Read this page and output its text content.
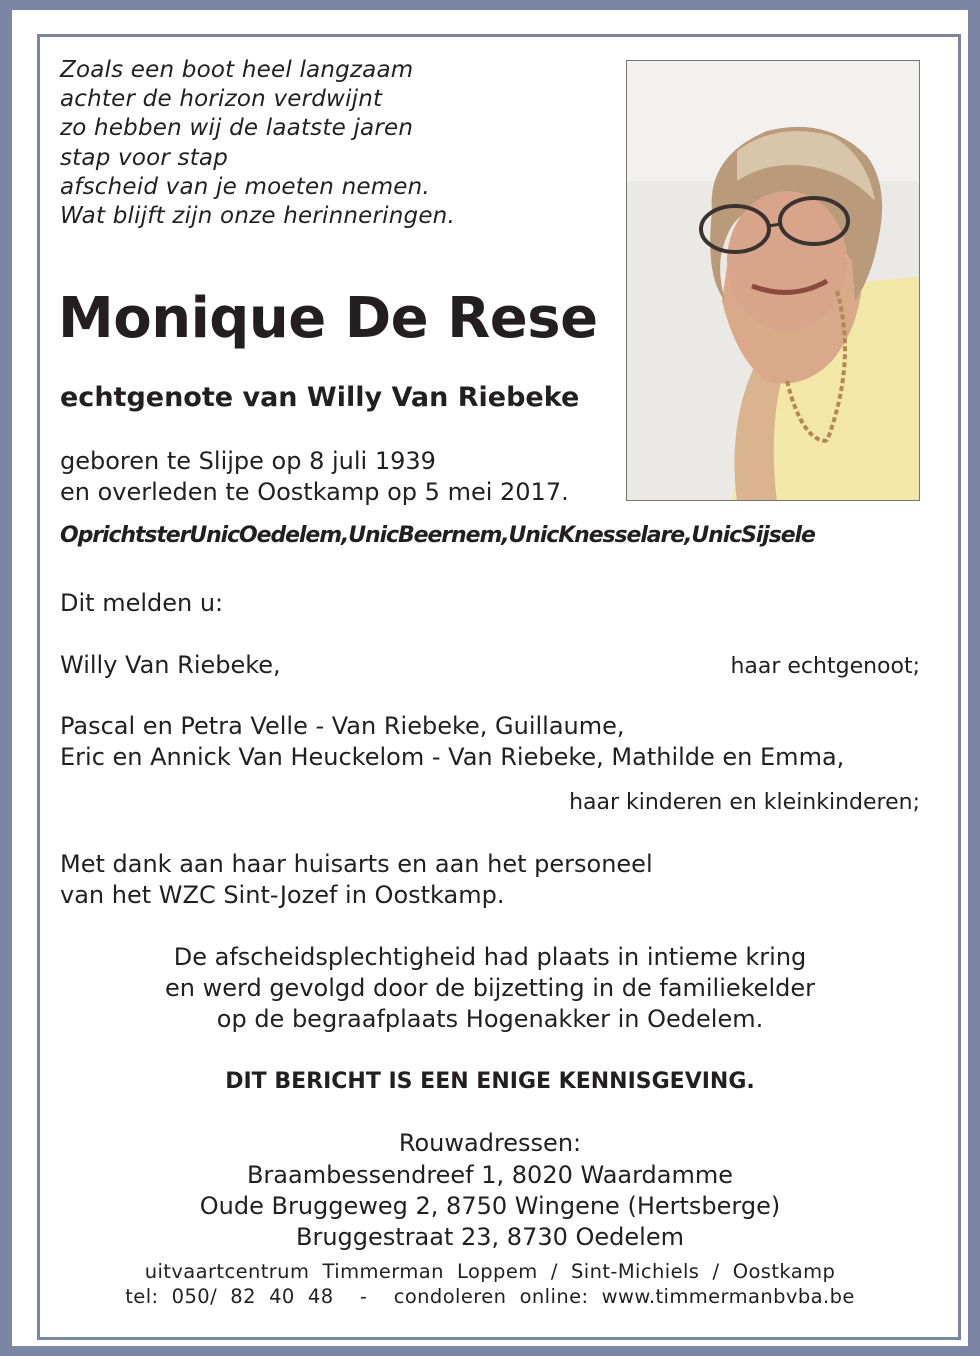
Zoals een boot heel langzaam
achter de horizon verdwijnt
zo hebben wij de laatste jaren
stap voor stap
afscheid van je moeten nemen.
Wat blijft zijn onze herinneringen.
Monique De Rese
echtgenote van Willy Van Riebeke
geboren te Slijpe op 8 juli 1939
en overleden te Oostkamp op 5 mei 2017.
OprichtsterUnicOedelem,UnicBeernem,UnicKnesselare,UnicSijsele
Dit melden u:
Willy Van Riebeke,	haar echtgenoot;
Pascal en Petra Velle - Van Riebeke, Guillaume,
Eric en Annick Van Heuckelom - Van Riebeke, Mathilde en Emma,
haar kinderen en kleinkinderen;
Met dank aan haar huisarts en aan het personeel
van het WZC Sint-Jozef in Oostkamp.
De afscheidsplechtigheid had plaats in intieme kring
en werd gevolgd door de bijzetting in de familiekelder
op de begraafplaats Hogenakker in Oedelem.
DIT BERICHT IS EEN ENIGE KENNISGEVING.
Rouwadressen:
Braambessendreef 1, 8020 Waardamme
Oude Bruggeweg 2, 8750 Wingene (Hertsberge)
Bruggestraat 23, 8730 Oedelem
uitvaartcentrum  Timmerman  Loppem  /  Sint-Michiels  /  Oostkamp
tel:  050/  82  40  48    -    condoleren  online:  www.timmermanbvba.be
